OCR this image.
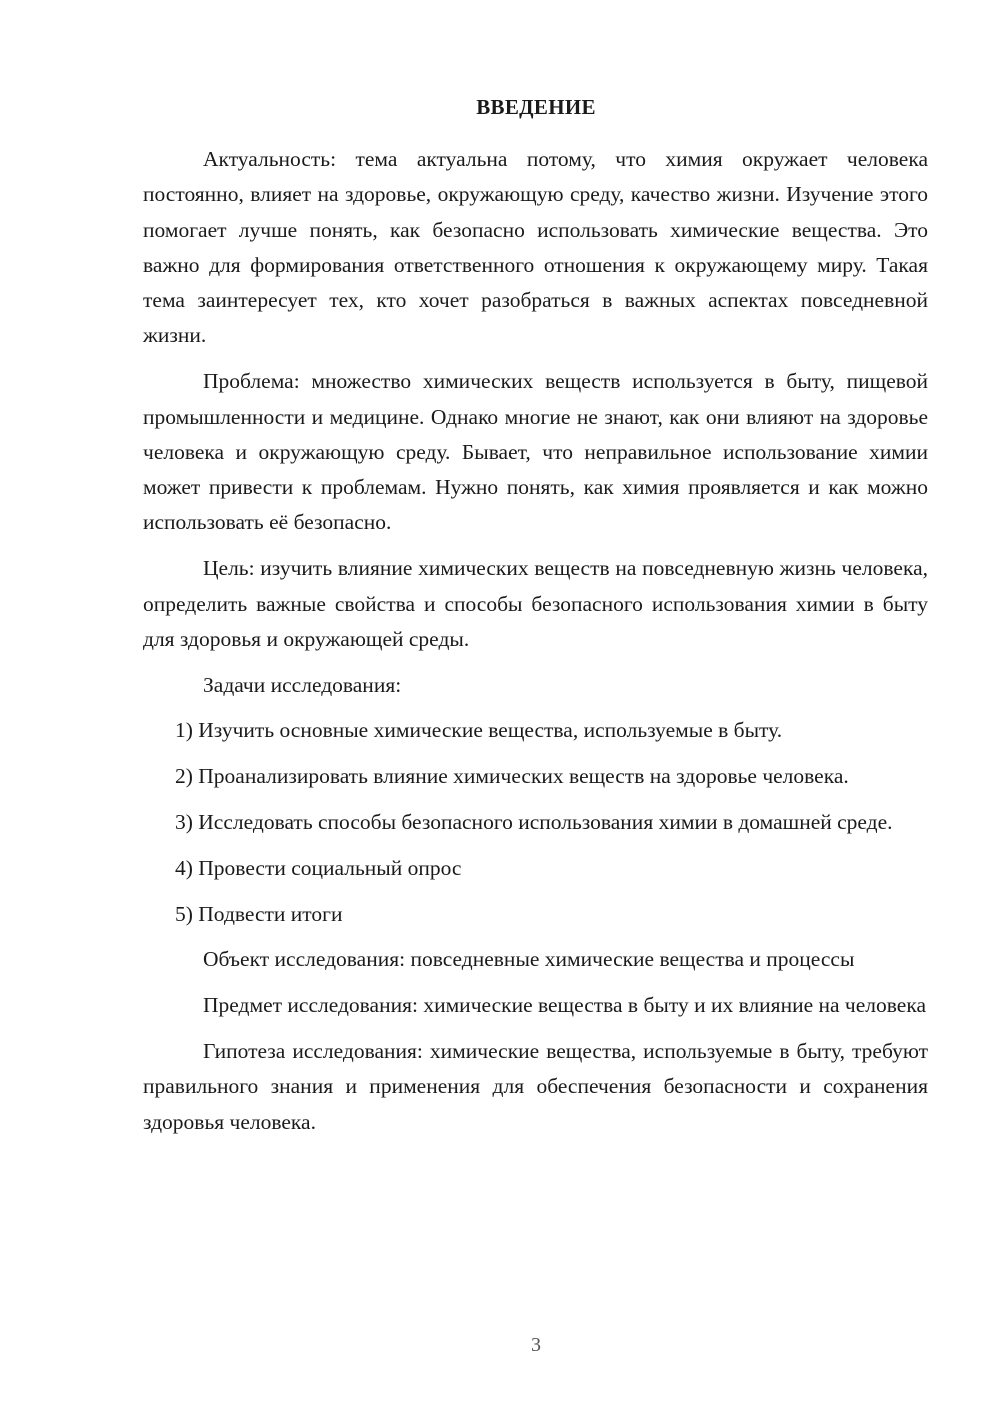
ВВЕДЕНИЕ

Актуальность: тема актуальна потому, что химия окружает человека постоянно, влияет на здоровье, окружающую среду, качество жизни. Изучение этого помогает лучше понять, как безопасно использовать химические вещества. Это важно для формирования ответственного отношения к окружающему миру. Такая тема заинтересует тех, кто хочет разобраться в важных аспектах повседневной жизни.

Проблема: множество химических веществ используется в быту, пищевой промышленности и медицине. Однако многие не знают, как они влияют на здоровье человека и окружающую среду. Бывает, что неправильное использование химии может привести к проблемам. Нужно понять, как химия проявляется и как можно использовать её безопасно.

Цель: изучить влияние химических веществ на повседневную жизнь человека, определить важные свойства и способы безопасного использования химии в быту для здоровья и окружающей среды.

Задачи исследования:

1) Изучить основные химические вещества, используемые в быту.

2) Проанализировать влияние химических веществ на здоровье человека.

3) Исследовать способы безопасного использования химии в домашней среде.

4) Провести социальный опрос

5) Подвести итоги

Объект исследования: повседневные химические вещества и процессы

Предмет исследования: химические вещества в быту и их влияние на человека

Гипотеза исследования: химические вещества, используемые в быту, требуют правильного знания и применения для обеспечения безопасности и сохранения здоровья человека.

3
